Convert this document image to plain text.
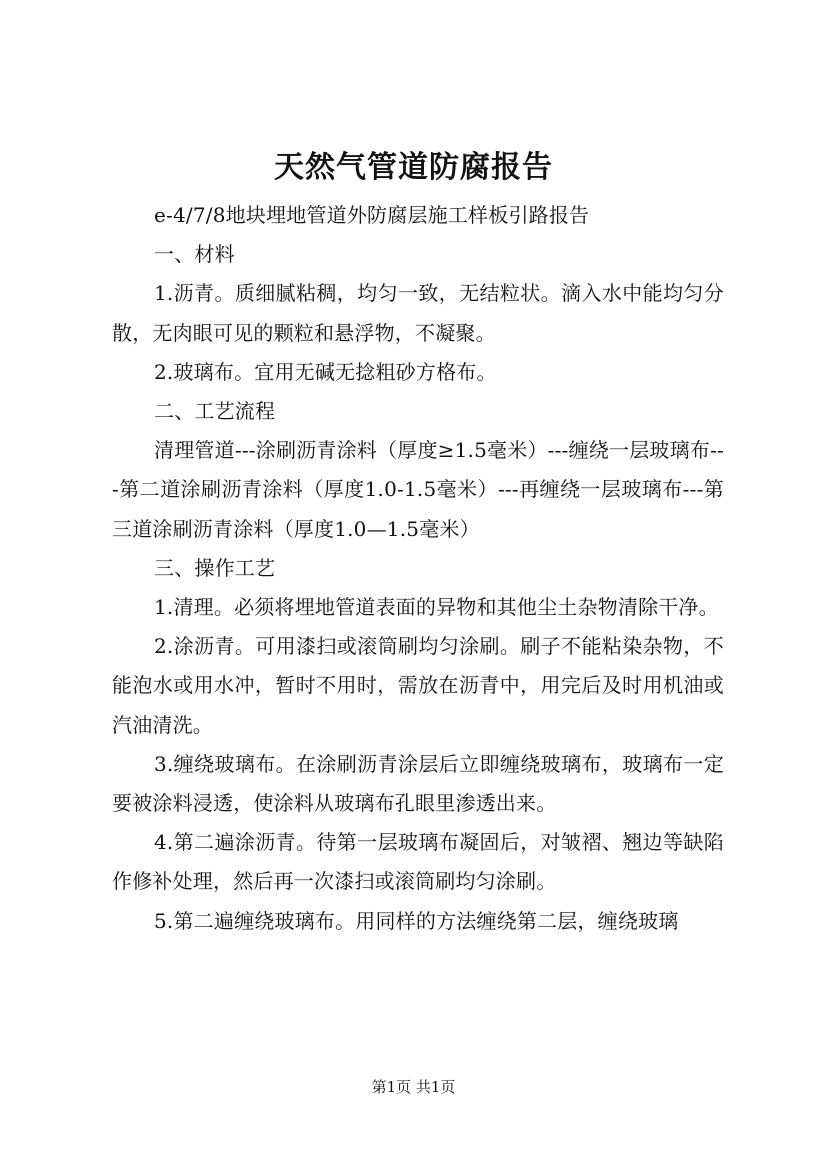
天然气管道防腐报告

e-4/7/8地块埋地管道外防腐层施工样板引路报告

一、材料

1.沥青。质细腻粘稠，均匀一致，无结粒状。滴入水中能均匀分散，无肉眼可见的颗粒和悬浮物，不凝聚。

2.玻璃布。宜用无碱无捻粗砂方格布。

二、工艺流程

清理管道---涂刷沥青涂料（厚度≥1.5毫米）---缠绕一层玻璃布---第二道涂刷沥青涂料（厚度1.0-1.5毫米）---再缠绕一层玻璃布---第三道涂刷沥青涂料（厚度1.0—1.5毫米）

三、操作工艺

1.清理。必须将埋地管道表面的异物和其他尘土杂物清除干净。

2.涂沥青。可用漆扫或滚筒刷均匀涂刷。刷子不能粘染杂物，不能泡水或用水冲，暂时不用时，需放在沥青中，用完后及时用机油或汽油清洗。

3.缠绕玻璃布。在涂刷沥青涂层后立即缠绕玻璃布，玻璃布一定要被涂料浸透，使涂料从玻璃布孔眼里渗透出来。

4.第二遍涂沥青。待第一层玻璃布凝固后，对皱褶、翘边等缺陷作修补处理，然后再一次漆扫或滚筒刷均匀涂刷。

5.第二遍缠绕玻璃布。用同样的方法缠绕第二层，缠绕玻璃

第1页 共1页
